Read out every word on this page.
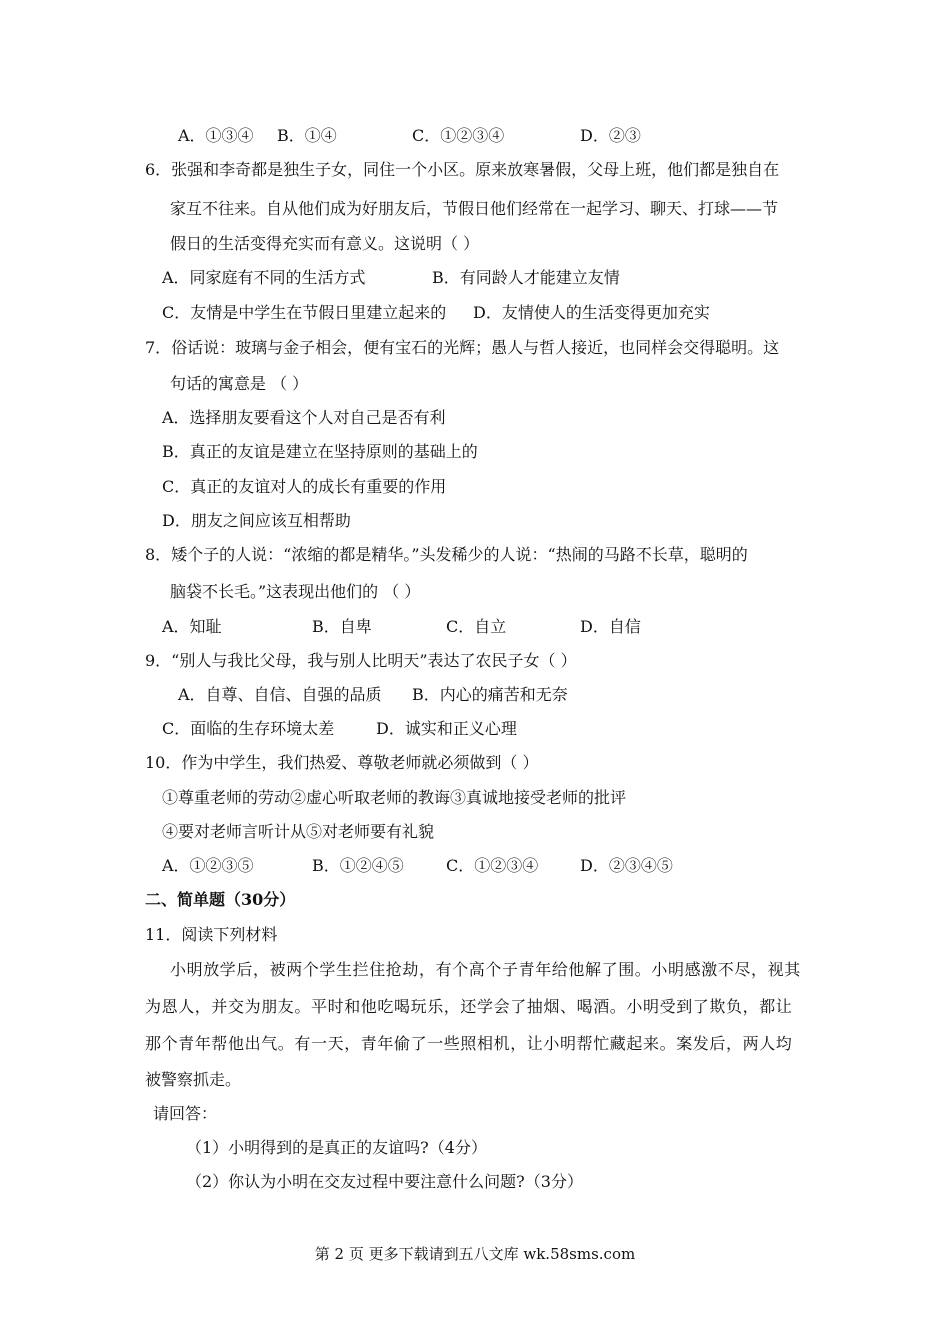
A．①③④ B．①④	C．①②③④	D．②③
6．张强和李奇都是独生子女，同住一个小区。原来放寒暑假，父母上班，他们都是独自在
家互不往来。自从他们成为好朋友后，节假日他们经常在一起学习、聊天、打球——节
假日的生活变得充实而有意义。这说明（ ）
A．同家庭有不同的生活方式	B．有同龄人才能建立友情
C．友情是中学生在节假日里建立起来的 D．友情使人的生活变得更加充实
7．俗话说：玻璃与金子相会，便有宝石的光辉；愚人与哲人接近，也同样会交得聪明。这
句话的寓意是 （ ）
A．选择朋友要看这个人对自己是否有利
B．真正的友谊是建立在坚持原则的基础上的
C．真正的友谊对人的成长有重要的作用
D．朋友之间应该互相帮助
8．矮个子的人说：“浓缩的都是精华。”头发稀少的人说：“热闹的马路不长草，聪明的
脑袋不长毛。”这表现出他们的 （ ）
A．知耻	B．自卑	C．自立	D．自信
9．“别人与我比父母，我与别人比明天”表达了农民子女（ ）
A．自尊、自信、自强的品质 B．内心的痛苦和无奈
C．面临的生存环境太差	D．诚实和正义心理
10．作为中学生，我们热爱、尊敬老师就必须做到（ ）
①尊重老师的劳动②虚心听取老师的教诲③真诚地接受老师的批评
④要对老师言听计从⑤对老师要有礼貌
A．①②③⑤	B．①②④⑤	C．①②③④	D．②③④⑤
二、简单题（30分）
11．阅读下列材料
小明放学后，被两个学生拦住抢劫，有个高个子青年给他解了围。小明感激不尽，视其
为恩人，并交为朋友。平时和他吃喝玩乐，还学会了抽烟、喝酒。小明受到了欺负，都让
那个青年帮他出气。有一天，青年偷了一些照相机，让小明帮忙藏起来。案发后，两人均
被警察抓走。
请回答：
（1）小明得到的是真正的友谊吗?（4分）
（2）你认为小明在交友过程中要注意什么问题?（3分）
第 2 页 更多下载请到五八文库 wk.58sms.com
